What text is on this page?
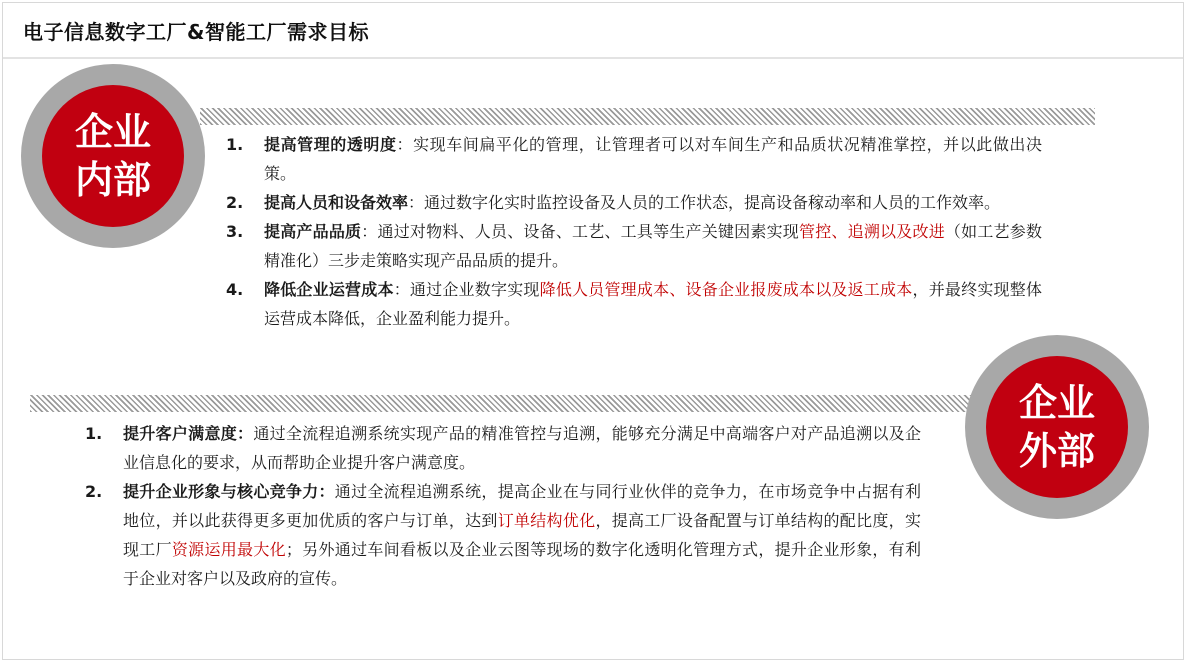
电子信息数字工厂&智能工厂需求目标
企业
内部
1. 提高管理的透明度：实现车间扁平化的管理，让管理者可以对车间生产和品质状况精准掌控，并以此做出决策。
2. 提高人员和设备效率：通过数字化实时监控设备及人员的工作状态，提高设备稼动率和人员的工作效率。
3. 提高产品品质：通过对物料、人员、设备、工艺、工具等生产关键因素实现管控、追溯以及改进（如工艺参数精准化）三步走策略实现产品品质的提升。
4. 降低企业运营成本：通过企业数字实现降低人员管理成本、设备企业报废成本以及返工成本，并最终实现整体运营成本降低，企业盈利能力提升。
企业
外部
1. 提升客户满意度：通过全流程追溯系统实现产品的精准管控与追溯，能够充分满足中高端客户对产品追溯以及企业信息化的要求，从而帮助企业提升客户满意度。
2. 提升企业形象与核心竞争力：通过全流程追溯系统，提高企业在与同行业伙伴的竞争力，在市场竞争中占据有利地位，并以此获得更多更加优质的客户与订单，达到订单结构优化，提高工厂设备配置与订单结构的配比度，实现工厂资源运用最大化；另外通过车间看板以及企业云图等现场的数字化透明化管理方式，提升企业形象，有利于企业对客户以及政府的宣传。
